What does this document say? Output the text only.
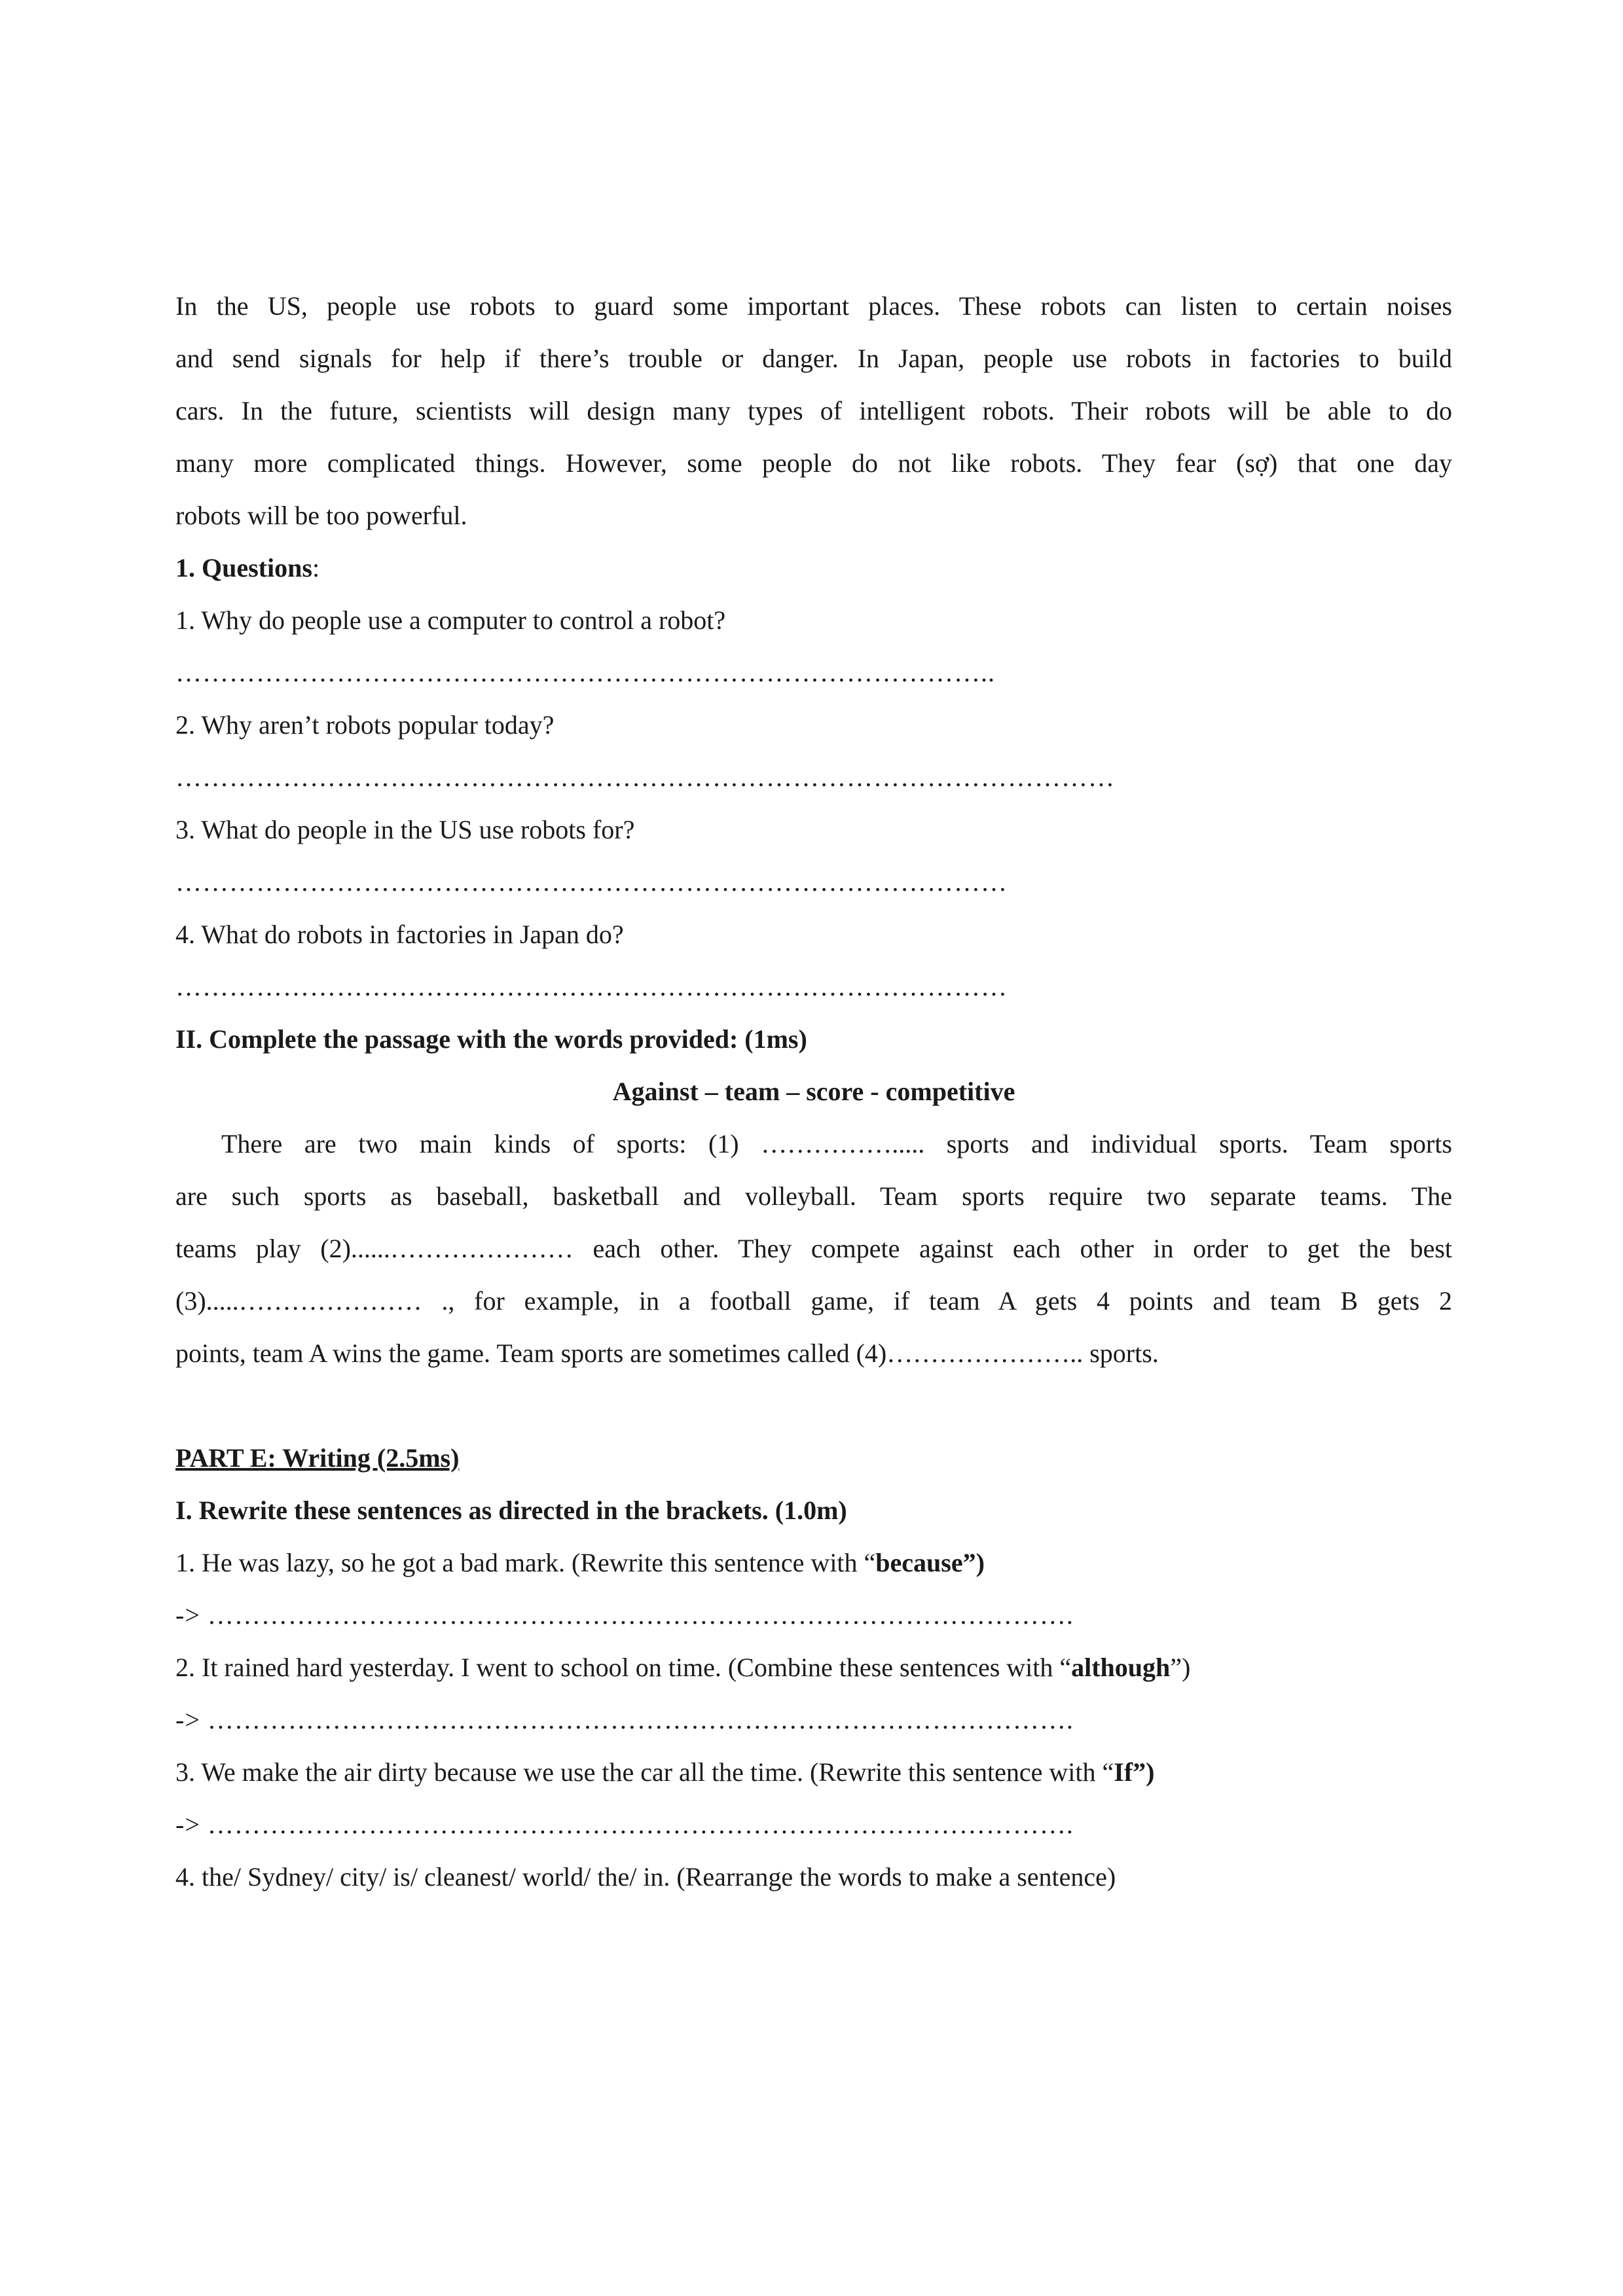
In the US, people use robots to guard some important places. These robots can listen to certain noises
and send signals for help if there’s trouble or danger. In Japan, people use robots in factories to build
cars. In the future, scientists will design many types of intelligent robots. Their robots will be able to do
many more complicated things. However, some people do not like robots. They fear (sợ) that one day
robots will be too powerful.
1. Questions:
1. Why do people use a computer to control a robot?
………………………………………………………………………………..
2. Why aren’t robots popular today?
……………………………………………………………………………………………
3. What do people in the US use robots for?
…………………………………………………………………………………
4. What do robots in factories in Japan do?
…………………………………………………………………………………
II. Complete the passage with the words provided: (1ms)
Against – team – score - competitive
There are two main kinds of sports: (1) ……………..... sports and individual sports. Team sports
are such sports as baseball, basketball and volleyball. Team sports require two separate teams. The
teams play (2)......………………… each other. They compete against each other in order to get the best
(3).....………………… ., for example, in a football game, if team A gets 4 points and team B gets 2
points, team A wins the game. Team sports are sometimes called (4)………………….. sports.
PART E: Writing (2.5ms)
I. Rewrite these sentences as directed in the brackets. (1.0m)
1. He was lazy, so he got a bad mark. (Rewrite this sentence with “because”)
-> …………………………………………………………………………………….
2. It rained hard yesterday. I went to school on time. (Combine these sentences with “although”)
-> …………………………………………………………………………………….
3. We make the air dirty because we use the car all the time. (Rewrite this sentence with “If”)
-> …………………………………………………………………………………….
4. the/ Sydney/ city/ is/ cleanest/ world/ the/ in. (Rearrange the words to make a sentence)
